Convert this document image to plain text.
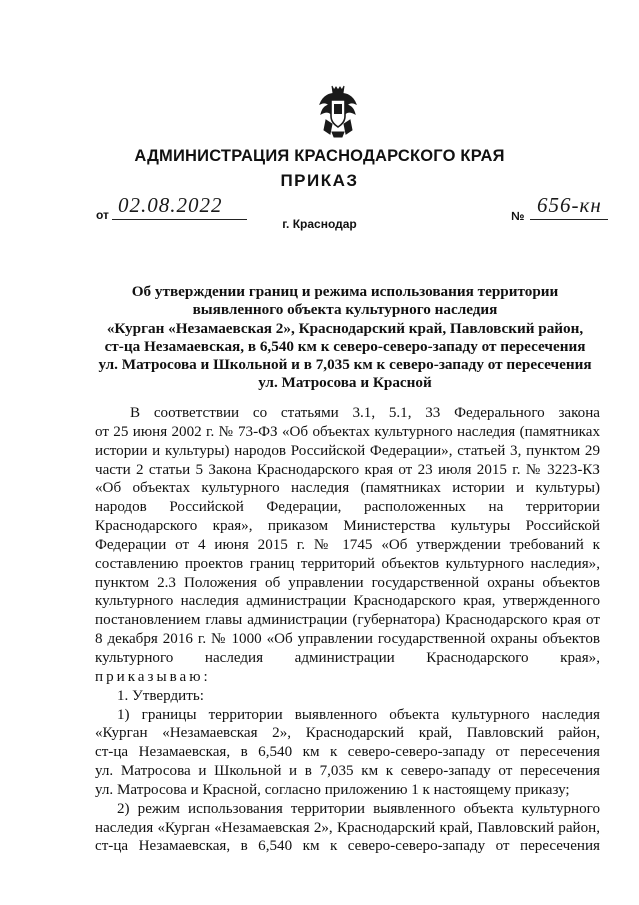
АДМИНИСТРАЦИЯ КРАСНОДАРСКОГО КРАЯ
ПРИКАЗ
от 02.08.2022
г. Краснодар
№ 656-кн
Об утверждении границ и режима использования территории
выявленного объекта культурного наследия
«Курган «Незамаевская 2», Краснодарский край, Павловский район,
ст-ца Незамаевская, в 6,540 км к северо-северо-западу от пересечения
ул. Матросова и Школьной и в 7,035 км к северо-западу от пересечения
ул. Матросова и Красной
В соответствии со статьями 3.1, 5.1, 33 Федерального закона
от 25 июня 2002 г. № 73-ФЗ «Об объектах культурного наследия (памятниках
истории и культуры) народов Российской Федерации», статьей 3, пунктом 29
части 2 статьи 5 Закона Краснодарского края от 23 июля 2015 г. № 3223-КЗ
«Об объектах культурного наследия (памятниках истории и культуры)
народов Российской Федерации, расположенных на территории
Краснодарского края», приказом Министерства культуры Российской
Федерации от 4 июня 2015 г. № 1745 «Об утверждении требований к
составлению проектов границ территорий объектов культурного наследия»,
пунктом 2.3 Положения об управлении государственной охраны объектов
культурного наследия администрации Краснодарского края, утвержденного
постановлением главы администрации (губернатора) Краснодарского края от
8 декабря 2016 г. № 1000 «Об управлении государственной охраны объектов
культурного наследия администрации Краснодарского края»,
приказываю:
1. Утвердить:
1) границы территории выявленного объекта культурного наследия
«Курган «Незамаевская 2», Краснодарский край, Павловский район,
ст-ца Незамаевская, в 6,540 км к северо-северо-западу от пересечения
ул. Матросова и Школьной и в 7,035 км к северо-западу от пересечения
ул. Матросова и Красной, согласно приложению 1 к настоящему приказу;
2) режим использования территории выявленного объекта культурного
наследия «Курган «Незамаевская 2», Краснодарский край, Павловский район,
ст-ца Незамаевская, в 6,540 км к северо-северо-западу от пересечения
